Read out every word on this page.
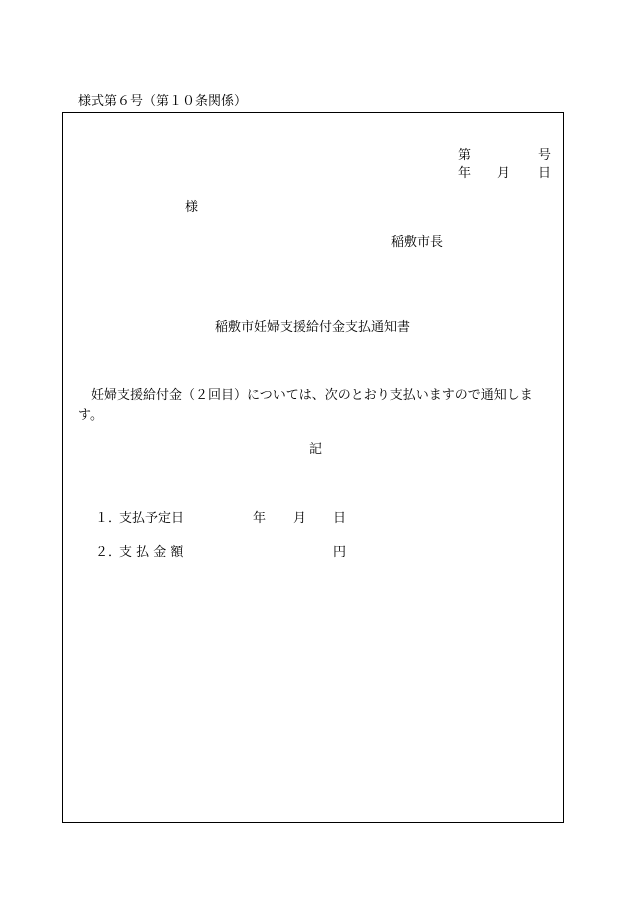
様式第６号（第１０条関係）
第	号
年 月 日
様
稲敷市長
稲敷市妊婦支援給付金支払通知書
妊婦支援給付金（２回目）については、次のとおり支払いますので通知しま
す。
記
１．
支払予定日	年 月 日
２．
支 払 金 額	円
